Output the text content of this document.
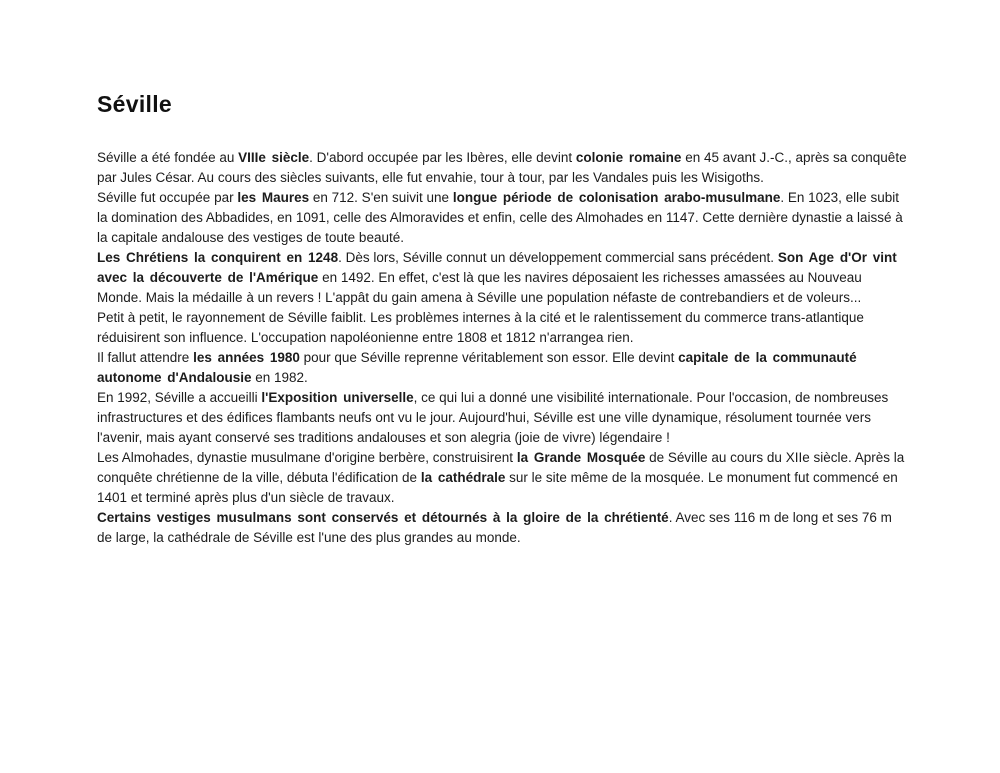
Séville

Séville a été fondée au VIIIe siècle. D'abord occupée par les Ibères, elle devint colonie romaine en 45 avant J.-C., après sa conquête par Jules César. Au cours des siècles suivants, elle fut envahie, tour à tour, par les Vandales puis les Wisigoths.

Séville fut occupée par les Maures en 712. S'en suivit une longue période de colonisation arabo-musulmane. En 1023, elle subit la domination des Abbadides, en 1091, celle des Almoravides et enfin, celle des Almohades en 1147. Cette dernière dynastie a laissé à la capitale andalouse des vestiges de toute beauté.

Les Chrétiens la conquirent en 1248. Dès lors, Séville connut un développement commercial sans précédent. Son Age d'Or vint avec la découverte de l'Amérique en 1492. En effet, c'est là que les navires déposaient les richesses amassées au Nouveau Monde. Mais la médaille à un revers ! L'appât du gain amena à Séville une population néfaste de contrebandiers et de voleurs...

Petit à petit, le rayonnement de Séville faiblit. Les problèmes internes à la cité et le ralentissement du commerce trans-atlantique réduisirent son influence. L'occupation napoléonienne entre 1808 et 1812 n'arrangea rien.

Il fallut attendre les années 1980 pour que Séville reprenne véritablement son essor. Elle devint capitale de la communauté autonome d'Andalousie en 1982.

En 1992, Séville a accueilli l'Exposition universelle, ce qui lui a donné une visibilité internationale. Pour l'occasion, de nombreuses infrastructures et des édifices flambants neufs ont vu le jour. Aujourd'hui, Séville est une ville dynamique, résolument tournée vers l'avenir, mais ayant conservé ses traditions andalouses et son alegria (joie de vivre) légendaire !

Les Almohades, dynastie musulmane d'origine berbère, construisirent la Grande Mosquée de Séville au cours du XIIe siècle. Après la conquête chrétienne de la ville, débuta l'édification de la cathédrale sur le site même de la mosquée. Le monument fut commencé en 1401 et terminé après plus d'un siècle de travaux.

Certains vestiges musulmans sont conservés et détournés à la gloire de la chrétienté. Avec ses 116 m de long et ses 76 m de large, la cathédrale de Séville est l'une des plus grandes au monde.
